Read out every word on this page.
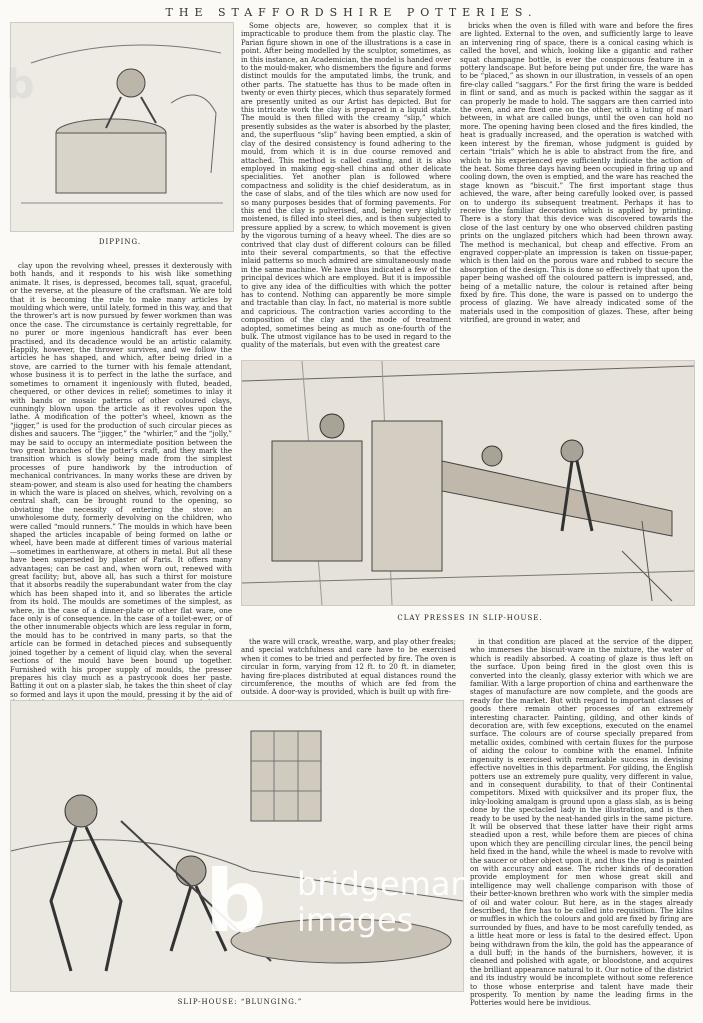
THE STAFFORDSHIRE POTTERIES.
DIPPING.

Some objects are, however, so complex that it is impracticable to produce them from the plastic clay. The Parian figure shown in one of the illustrations is a case in point. After being modelled by the sculptor, sometimes, as in this instance, an Academician, the model is handed over to the mould-maker, who dismembers the figure and forms distinct moulds for the amputated limbs, the trunk, and other parts. The statuette has thus to be made often in twenty or even thirty pieces, which thus separately formed are presently united as our Artist has depicted. But for this intricate work the clay is prepared in a liquid state. The mould is then filled with the creamy “slip,” which presently subsides as the water is absorbed by the plaster, and, the superfluous “slip” having been emptied, a skin of clay of the desired consistency is found adhering to the mould, from which it is in due course removed and attached. This method is called casting, and it is also employed in making egg-shell china and other delicate specialities. Yet another plan is followed where compactness and solidity is the chief desideratum, as in the case of slabs, and of the tiles which are now used for so many purposes besides that of forming pavements. For this end the clay is pulverised, and, being very slightly moistened, is filled into steel dies, and is then subjected to pressure applied by a screw, to which movement is given by the vigorous turning of a heavy wheel. The dies are so contrived that clay dust of different colours can be filled into their several compartments, so that the effective inlaid patterns so much admired are simultaneously made in the same machine. We have thus indicated a few of the principal devices which are employed. But it is impossible to give any idea of the difficulties with which the potter has to contend. Nothing can apparently be more simple and tractable than clay. In fact, no material is more subtle and capricious. The contraction varies according to the composition of the clay and the mode of treatment adopted, sometimes being as much as one-fourth of the bulk. The utmost vigilance has to be used in regard to the quality of the materials, but even with the greatest care

bricks when the oven is filled with ware and before the fires are lighted. External to the oven, and sufficiently large to leave an intervening ring of space, there is a conical casing which is called the hovel, and which, looking like a gigantic and rather squat champagne bottle, is ever the conspicuous feature in a pottery landscape. But before being put under fire, the ware has to be “placed,” as shown in our illustration, in vessels of an open fire-clay called “saggars.” For the first firing the ware is bedded in flint or sand, and as much is packed within the saggar as it can properly be made to hold. The saggars are then carried into the oven, and are fixed one on the other, with a luting of marl between, in what are called bungs, until the oven can hold no more. The opening having been closed and the fires kindled, the heat is gradually increased, and the operation is watched with keen interest by the fireman, whose judgment is guided by certain “trials” which he is able to abstract from the fire, and which to his experienced eye sufficiently indicate the action of the heat. Some three days having been occupied in firing up and cooling down, the oven is emptied, and the ware has reached the stage known as “biscuit.” The first important stage thus achieved, the ware, after being carefully looked over, is passed on to undergo its subsequent treatment. Perhaps it has to receive the familiar decoration which is applied by printing. There is a story that this device was discovered towards the close of the last century by one who observed children pasting prints on the unglazed pitchers which had been thrown away. The method is mechanical, but cheap and effective. From an engraved copper-plate an impression is taken on tissue-paper, which is then laid on the porous ware and rubbed to secure the absorption of the design. This is done so effectively that upon the paper being washed off the coloured pattern is impressed, and, being of a metallic nature, the colour is retained after being fixed by fire. This done, the ware is passed on to undergo the process of glazing. We have already indicated some of the materials used in the composition of glazes. These, after being vitrified, are ground in water, and

clay upon the revolving wheel, presses it dexterously with both hands, and it responds to his wish like something animate. It rises, is depressed, becomes tall, squat, graceful, or the reverse, at the pleasure of the craftsman. We are told that it is becoming the rule to make many articles by moulding which were, until lately, formed in this way, and that the thrower's art is now pursued by fewer workmen than was once the case. The circumstance is certainly regrettable, for no purer or more ingenious handicraft has ever been practised, and its decadence would be an artistic calamity. Happily, however, the thrower survives, and we follow the articles he has shaped, and which, after being dried in a stove, are carried to the turner with his female attendant, whose business it is to perfect in the lathe the surface, and sometimes to ornament it ingeniously with fluted, beaded, chequered, or other devices in relief; sometimes to inlay it with bands or mosaic patterns of other coloured clays, cunningly blown upon the article as it revolves upon the lathe. A modification of the potter's wheel, known as the “jigger,” is used for the production of such circular pieces as dishes and saucers. The “jigger,” the “whirler,” and the “jolly,” may be said to occupy an intermediate position between the two great branches of the potter's craft, and they mark the transition which is slowly being made from the simplest processes of pure handiwork by the introduction of mechanical contrivances. In many works these are driven by steam-power, and steam is also used for heating the chambers in which the ware is placed on shelves, which, revolving on a central shaft, can be brought round to the opening, so obviating the necessity of entering the stove: an unwholesome duty, formerly devolving on the children, who were called “mould runners.” The moulds in which have been shaped the articles incapable of being formed on lathe or wheel, have been made at different times of various material—sometimes in earthenware, at others in metal. But all these have been superseded by plaster of Paris. It offers many advantages; can be cast and, when worn out, renewed with great facility; but, above all, has such a thirst for moisture that it absorbs readily the superabundant water from the clay which has been shaped into it, and so liberates the article from its hold. The moulds are sometimes of the simplest, as where, in the case of a dinner-plate or other flat ware, one face only is of consequence. In the case of a toilet-ewer, or of the other innumerable objects which are less regular in form, the mould has to be contrived in many parts, so that the article can be formed in detached pieces and subsequently joined together by a cement of liquid clay, when the several sections of the mould have been bound up together. Furnished with his proper supply of moulds, the presser prepares his clay much as a pastrycook does her paste. Batting it out on a plaster slab, he takes the thin sheet of clay so formed and lays it upon the mould, pressing it by the aid of

CLAY PRESSES IN SLIP-HOUSE.

the ware will crack, wreathe, warp, and play other freaks; and special watchfulness and care have to be exercised when it comes to be tried and perfected by fire. The oven is circular in form, varying from 12 ft. to 20 ft. in diameter, having fire-places distributed at equal distances round the circumference, the mouths of which are fed from the outside. A door-way is provided, which is built up with fire-

in that condition are placed at the service of the dipper, who immerses the biscuit-ware in the mixture, the water of which is readily absorbed. A coating of glaze is thus left on the surface. Upon being fired in the glost oven this is converted into the cleanly, glassy exterior with which we are familiar. With a large proportion of china and earthenware the stages of manufacture are now complete, and the goods are ready for the market. But with regard to important classes of goods there remain other processes of an extremely interesting character. Painting, gilding, and other kinds of decoration are, with few exceptions, executed on the enamel surface. The colours are of course specially prepared from metallic oxides, combined with certain fluxes for the purpose of aiding the colour to combine with the enamel. Infinite ingenuity is exercised with remarkable success in devising effective novelties in this department. For gilding, the English potters use an extremely pure quality, very different in value, and in consequent durability, to that of their Continental competitors. Mixed with quicksilver and its proper flux, the inky-looking amalgam is ground upon a glass slab, as is being done by the spectacled lady in the illustration, and is then ready to be used by the neat-handed girls in the same picture. It will be observed that these latter have their right arms steadied upon a rest, while before them are pieces of china upon which they are pencilling circular lines, the pencil being held fixed in the hand, while the wheel is made to revolve with the saucer or other object upon it, and thus the ring is painted on with accuracy and ease. The richer kinds of decoration provide employment for men whose great skill and intelligence may well challenge comparison with those of their better-known brethren who work with the simpler media of oil and water colour. But here, as in the stages already described, the fire has to be called into requisition. The kilns or muffles in which the colours and gold are fixed by firing are surrounded by flues, and have to be most carefully tended, as a little heat more or less is fatal to the desired effect. Upon being withdrawn from the kiln, the gold has the appearance of a dull buff; in the hands of the burnishers, however, it is cleaned and polished with agate, or bloodstone, and acquires the brilliant appearance natural to it. Our notice of the district and its industry would be incomplete without some reference to those whose enterprise and talent have made their prosperity. To mention by name the leading firms in the Potteries would here be invidious.

SLIP-HOUSE: “BLUNGING.”
b
b bridgeman
images
